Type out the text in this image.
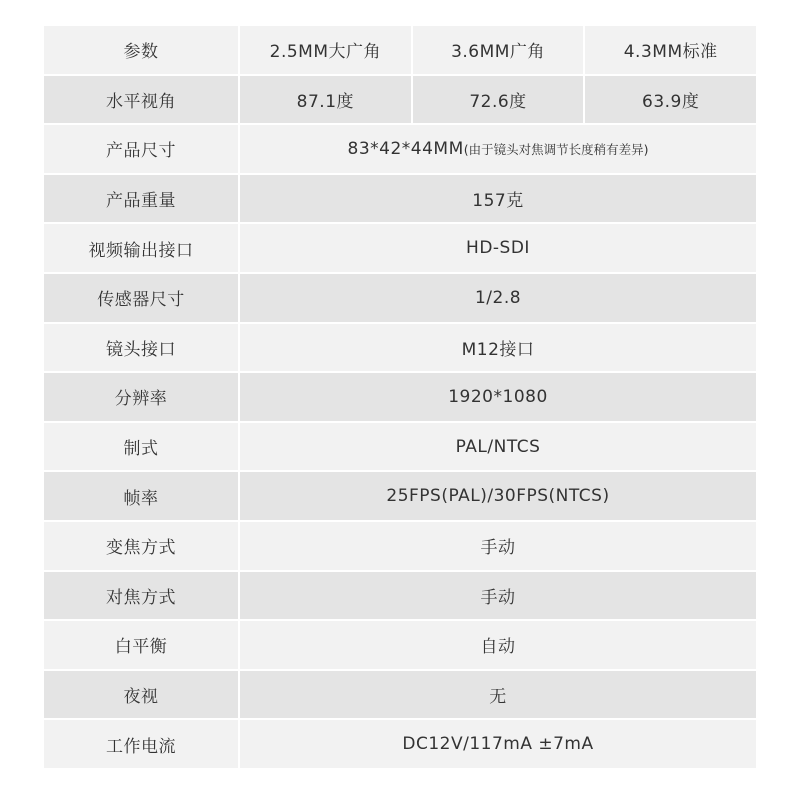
参数	2.5MM大广角	3.6MM广角	4.3MM标准
水平视角	87.1度	72.6度	63.9度
产品尺寸	83*42*44MM (由于镜头对焦调节长度稍有差异)
产品重量	157克
视频输出接口	HD-SDI
传感器尺寸	1/2.8
镜头接口	M12接口
分辨率	1920*1080
制式	PAL/NTCS
帧率	25FPS(PAL)/30FPS(NTCS)
变焦方式	手动
对焦方式	手动
白平衡	自动
夜视	无
工作电流	DC12V/117mA ±7mA
